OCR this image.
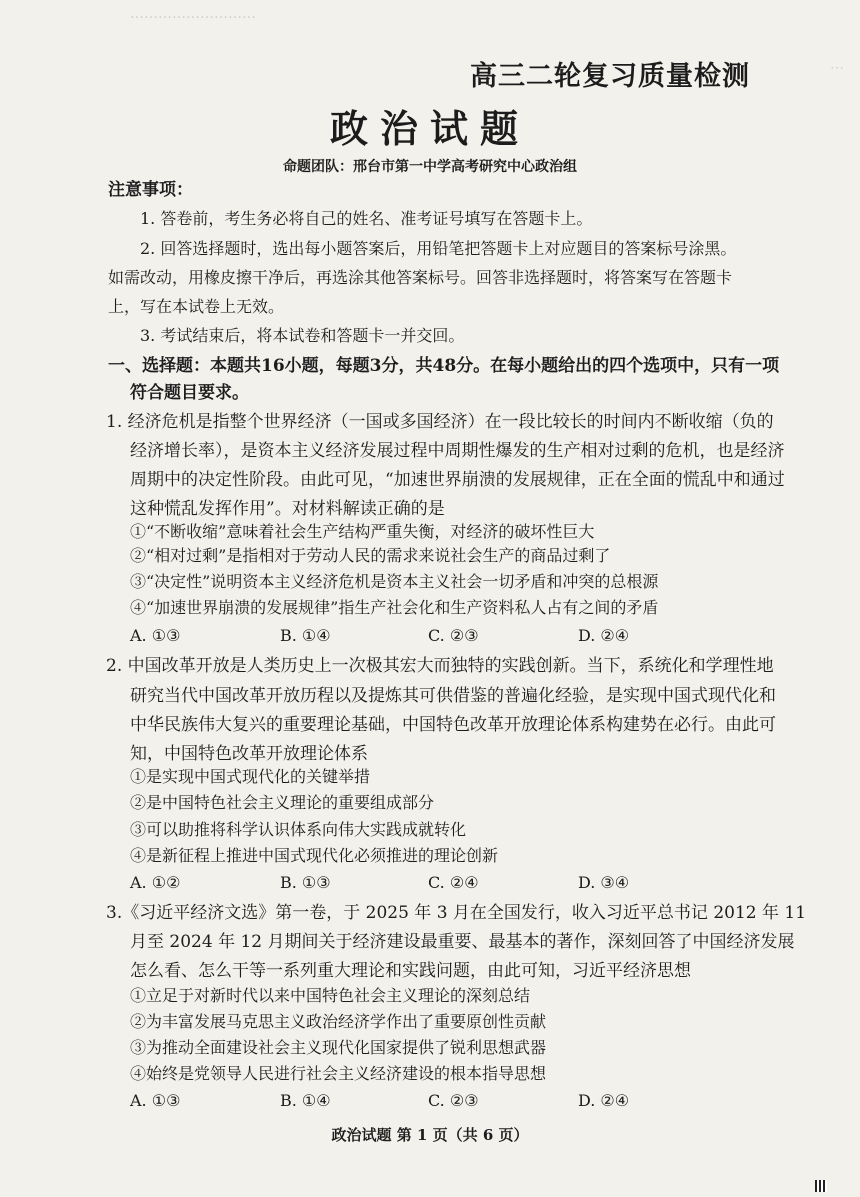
………………………
⋯
高三二轮复习质量检测
政治试题
命题团队：邢台市第一中学高考研究中心政治组
注意事项：
1. 答卷前，考生务必将自己的姓名、准考证号填写在答题卡上。
2. 回答选择题时，选出每小题答案后，用铅笔把答题卡上对应题目的答案标号涂黑。
如需改动，用橡皮擦干净后，再选涂其他答案标号。回答非选择题时，将答案写在答题卡
上，写在本试卷上无效。
3. 考试结束后，将本试卷和答题卡一并交回。
一、选择题：本题共16小题，每题3分，共48分。在每小题给出的四个选项中，只有一项
符合题目要求。
1. 经济危机是指整个世界经济（一国或多国经济）在一段比较长的时间内不断收缩（负的
经济增长率），是资本主义经济发展过程中周期性爆发的生产相对过剩的危机，也是经济
周期中的决定性阶段。由此可见，“加速世界崩溃的发展规律，正在全面的慌乱中和通过
这种慌乱发挥作用”。对材料解读正确的是
①“不断收缩”意味着社会生产结构严重失衡，对经济的破坏性巨大
②“相对过剩”是指相对于劳动人民的需求来说社会生产的商品过剩了
③“决定性”说明资本主义经济危机是资本主义社会一切矛盾和冲突的总根源
④“加速世界崩溃的发展规律”指生产社会化和生产资料私人占有之间的矛盾
A. ①③	B. ①④	C. ②③	D. ②④
2. 中国改革开放是人类历史上一次极其宏大而独特的实践创新。当下，系统化和学理性地
研究当代中国改革开放历程以及提炼其可供借鉴的普遍化经验，是实现中国式现代化和
中华民族伟大复兴的重要理论基础，中国特色改革开放理论体系构建势在必行。由此可
知，中国特色改革开放理论体系
①是实现中国式现代化的关键举措
②是中国特色社会主义理论的重要组成部分
③可以助推将科学认识体系向伟大实践成就转化
④是新征程上推进中国式现代化必须推进的理论创新
A. ①②	B. ①③	C. ②④	D. ③④
3.《习近平经济文选》第一卷，于 2025 年 3 月在全国发行，收入习近平总书记 2012 年 11
月至 2024 年 12 月期间关于经济建设最重要、最基本的著作，深刻回答了中国经济发展
怎么看、怎么干等一系列重大理论和实践问题，由此可知，习近平经济思想
①立足于对新时代以来中国特色社会主义理论的深刻总结
②为丰富发展马克思主义政治经济学作出了重要原创性贡献
③为推动全面建设社会主义现代化国家提供了锐利思想武器
④始终是党领导人民进行社会主义经济建设的根本指导思想
A. ①③	B. ①④	C. ②③	D. ②④
政治试题 第 1 页（共 6 页）
